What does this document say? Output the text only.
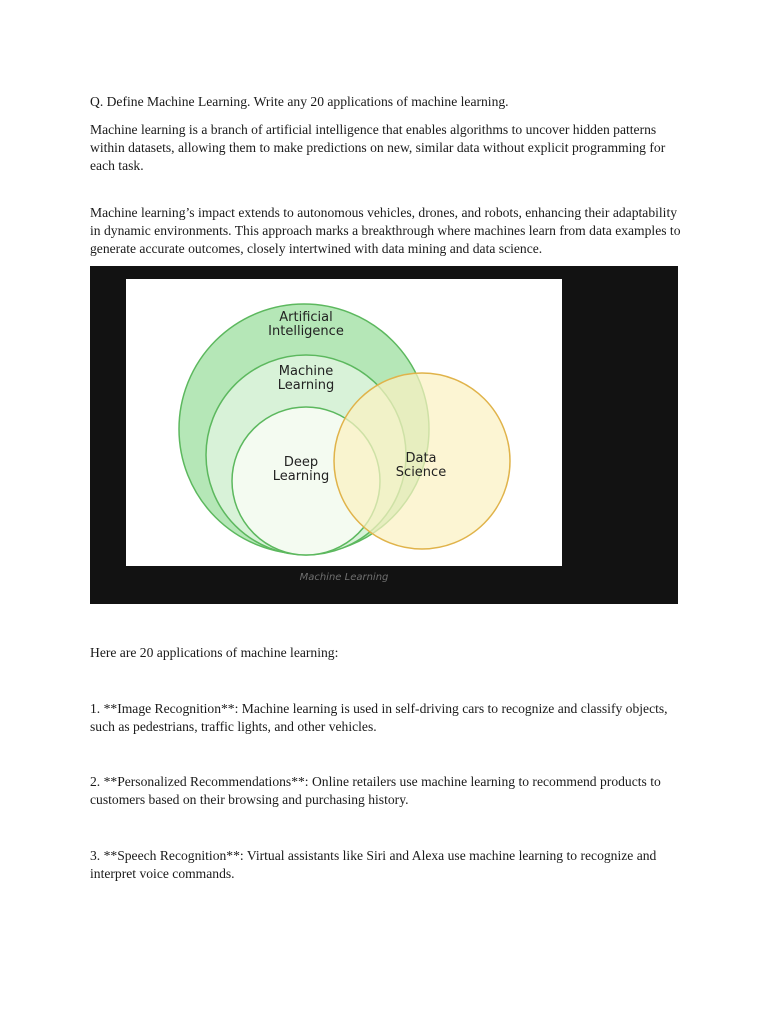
Q. Define Machine Learning. Write any 20 applications of machine learning.

Machine learning is a branch of artificial intelligence that enables algorithms to uncover hidden patterns within datasets, allowing them to make predictions on new, similar data without explicit programming for each task.

Machine learning’s impact extends to autonomous vehicles, drones, and robots, enhancing their adaptability in dynamic environments. This approach marks a breakthrough where machines learn from data examples to generate accurate outcomes, closely intertwined with data mining and data science.

Here are 20 applications of machine learning:

1. **Image Recognition**: Machine learning is used in self-driving cars to recognize and classify objects, such as pedestrians, traffic lights, and other vehicles.

2. **Personalized Recommendations**: Online retailers use machine learning to recommend products to customers based on their browsing and purchasing history.

3. **Speech Recognition**: Virtual assistants like Siri and Alexa use machine learning to recognize and interpret voice commands.

Artificial
Intelligence
Machine
Learning
Deep
Learning
Data
Science
Machine Learning
